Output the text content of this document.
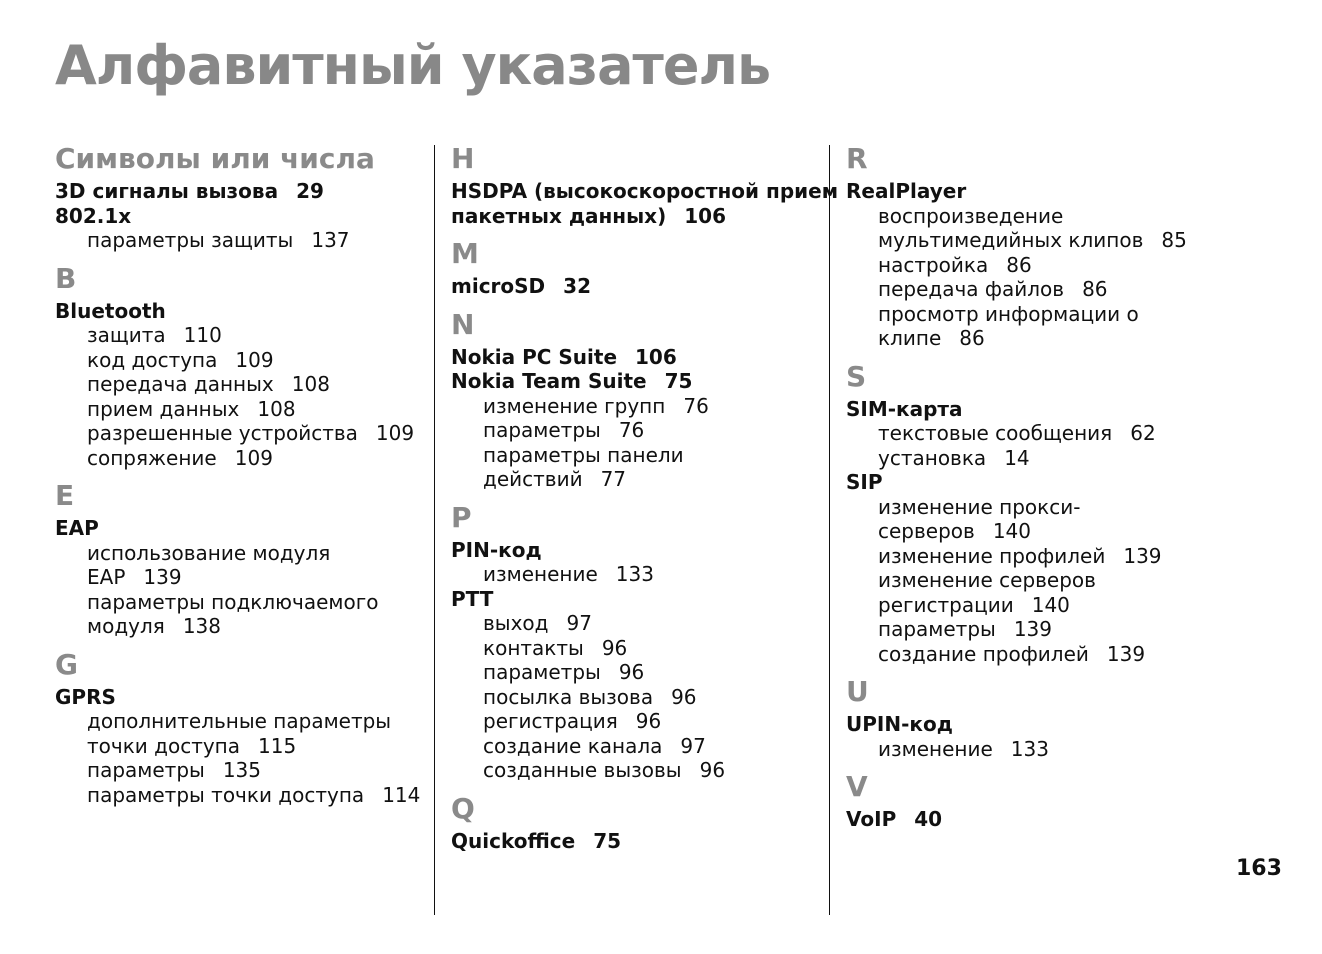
Алфавитный указатель
Символы или числа
3D сигналы вызова 29
802.1x
параметры защиты 137
B
Bluetooth
защита 110
код доступа 109
передача данных 108
прием данных 108
разрешенные устройства 109
сопряжение 109
E
EAP
использование модуля
EAP 139
параметры подключаемого
модуля 138
G
GPRS
дополнительные параметры
точки доступа 115
параметры 135
параметры точки доступа 114
H
HSDPA (высокоскоростной прием
пакетных данных) 106
M
microSD 32
N
Nokia PC Suite 106
Nokia Team Suite 75
изменение групп 76
параметры 76
параметры панели
действий 77
P
PIN-код
изменение 133
PTT
выход 97
контакты 96
параметры 96
посылка вызова 96
регистрация 96
создание канала 97
созданные вызовы 96
Q
Quickoffice 75
R
RealPlayer
воспроизведение
мультимедийных клипов 85
настройка 86
передача файлов 86
просмотр информации о
клипе 86
S
SIM-карта
текстовые сообщения 62
установка 14
SIP
изменение прокси-
серверов 140
изменение профилей 139
изменение серверов
регистрации 140
параметры 139
создание профилей 139
U
UPIN-код
изменение 133
V
VoIP 40
163
